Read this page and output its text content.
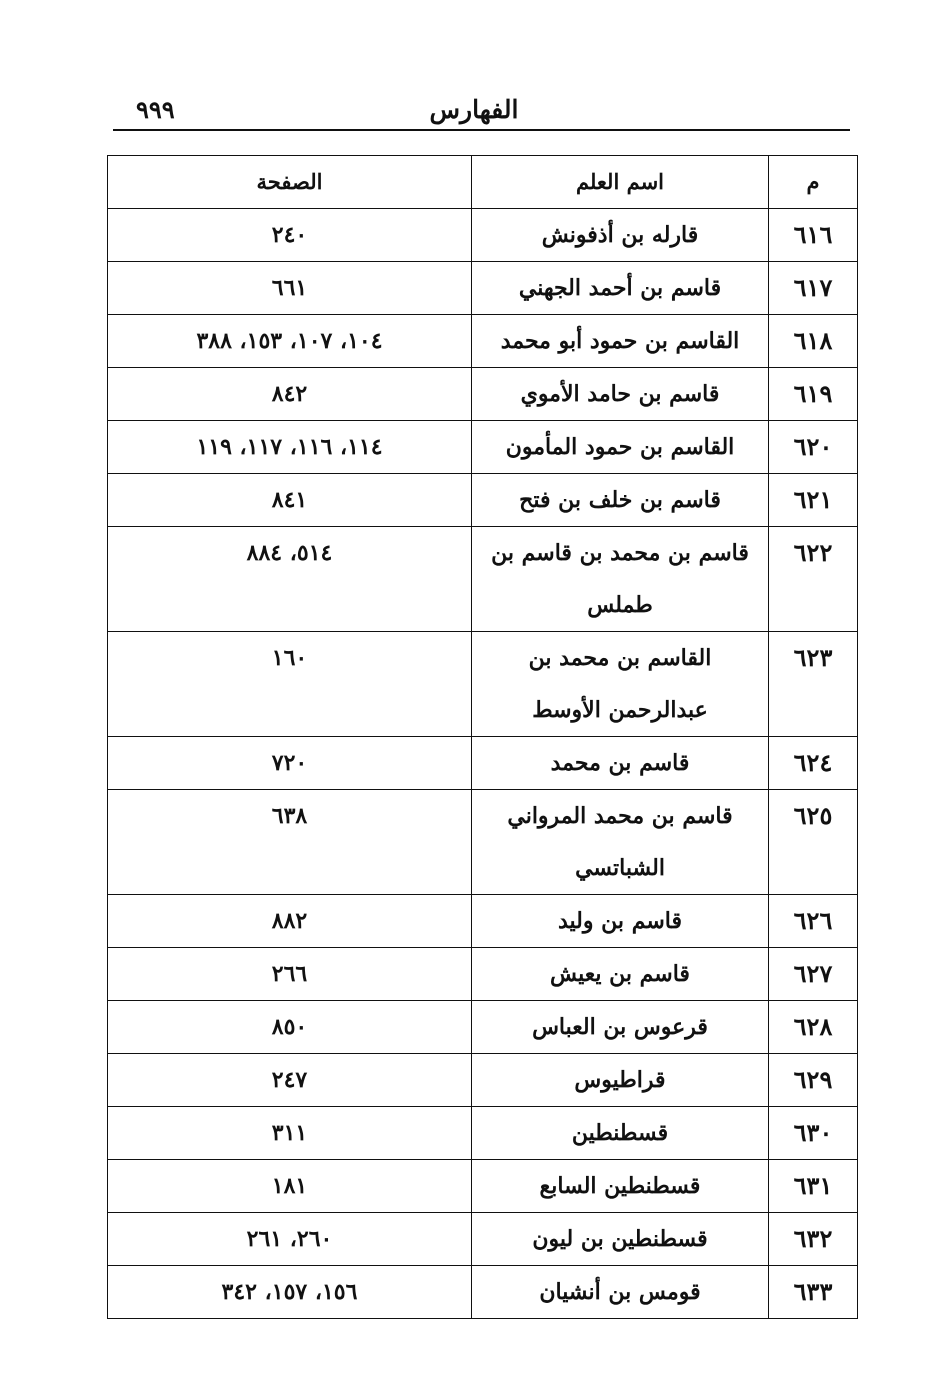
٩٩٩	الفهارس
م	اسم العلم	الصفحة
٦١٦	قارله بن أذفونش	٢٤٠
٦١٧	قاسم بن أحمد الجهني	٦٦١
٦١٨	القاسم بن حمود أبو محمد	١٠٤، ١٠٧، ١٥٣، ٣٨٨
٦١٩	قاسم بن حامد الأموي	٨٤٢
٦٢٠	القاسم بن حمود المأمون	١١٤، ١١٦، ١١٧، ١١٩
٦٢١	قاسم بن خلف بن فتح	٨٤١
٦٢٢	قاسم بن محمد بن قاسم بن طملس	٥١٤، ٨٨٤
٦٢٣	القاسم بن محمد بن عبدالرحمن الأوسط	١٦٠
٦٢٤	قاسم بن محمد	٧٢٠
٦٢٥	قاسم بن محمد المرواني الشباتسي	٦٣٨
٦٢٦	قاسم بن وليد	٨٨٢
٦٢٧	قاسم بن يعيش	٢٦٦
٦٢٨	قرعوس بن العباس	٨٥٠
٦٢٩	قراطيوس	٢٤٧
٦٣٠	قسطنطين	٣١١
٦٣١	قسطنطين السابع	١٨١
٦٣٢	قسطنطين بن ليون	٢٦٠، ٢٦١
٦٣٣	قومس بن أنشيان	١٥٦، ١٥٧، ٣٤٢
